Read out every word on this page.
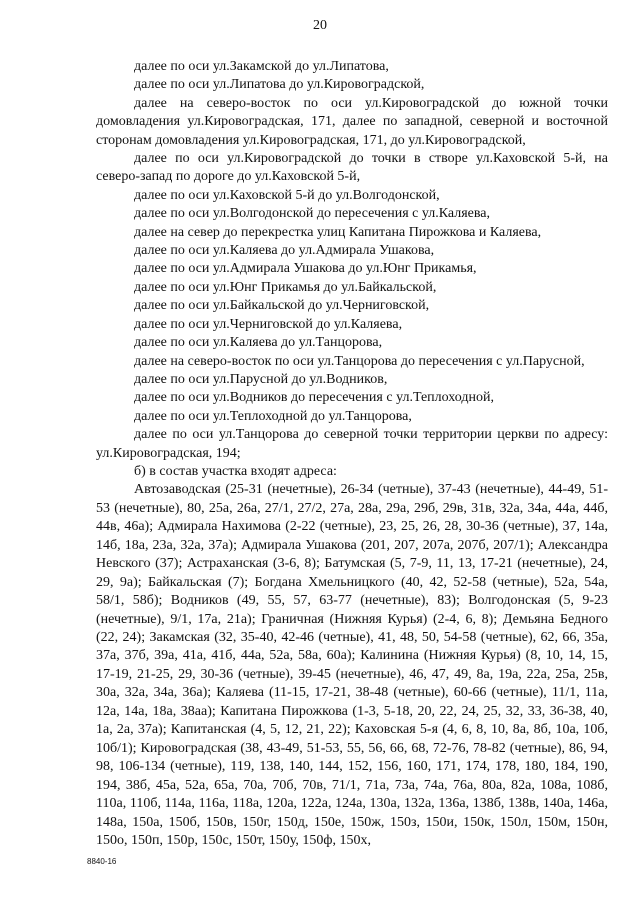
20

далее по оси ул.Закамской до ул.Липатова,

далее по оси ул.Липатова до ул.Кировоградской,

далее на северо-восток по оси ул.Кировоградской до южной точки домовладения ул.Кировоградская, 171, далее по западной, северной и восточной сторонам домовладения ул.Кировоградская, 171, до ул.Кировоградской,

далее по оси ул.Кировоградской до точки в створе ул.Каховской 5-й, на северо-запад по дороге до ул.Каховской 5-й,

далее по оси ул.Каховской 5-й до ул.Волгодонской,

далее по оси ул.Волгодонской до пересечения с ул.Каляева,

далее на север до перекрестка улиц Капитана Пирожкова и Каляева,

далее по оси ул.Каляева до ул.Адмирала Ушакова,

далее по оси ул.Адмирала Ушакова до ул.Юнг Прикамья,

далее по оси ул.Юнг Прикамья до ул.Байкальской,

далее по оси ул.Байкальской до ул.Черниговской,

далее по оси ул.Черниговской до ул.Каляева,

далее по оси ул.Каляева до ул.Танцорова,

далее на северо-восток по оси ул.Танцорова до пересечения с ул.Парусной,

далее по оси ул.Парусной до ул.Водников,

далее по оси ул.Водников до пересечения с ул.Теплоходной,

далее по оси ул.Теплоходной до ул.Танцорова,

далее по оси ул.Танцорова до северной точки территории церкви по адресу: ул.Кировоградская, 194;

б) в состав участка входят адреса:

Автозаводская (25-31 (нечетные), 26-34 (четные), 37-43 (нечетные), 44-49, 51-53 (нечетные), 80, 25а, 26а, 27/1, 27/2, 27а, 28а, 29а, 29б, 29в, 31в, 32а, 34а, 44а, 44б, 44в, 46а); Адмирала Нахимова (2-22 (четные), 23, 25, 26, 28, 30-36 (четные), 37, 14а, 14б, 18а, 23а, 32а, 37а); Адмирала Ушакова (201, 207, 207а, 207б, 207/1); Александра Невского (37); Астраханская (3-6, 8); Батумская (5, 7-9, 11, 13, 17-21 (нечетные), 24, 29, 9а); Байкальская (7); Богдана Хмельницкого (40, 42, 52-58 (четные), 52а, 54а, 58/1, 58б); Водников (49, 55, 57, 63-77 (нечетные), 83); Волгодонская (5, 9-23 (нечетные), 9/1, 17а, 21а); Граничная (Нижняя Курья) (2-4, 6, 8); Демьяна Бедного (22, 24); Закамская (32, 35-40, 42-46 (четные), 41, 48, 50, 54-58 (четные), 62, 66, 35а, 37а, 37б, 39а, 41а, 41б, 44а, 52а, 58а, 60а); Калинина (Нижняя Курья) (8, 10, 14, 15, 17-19, 21-25, 29, 30-36 (четные), 39-45 (нечетные), 46, 47, 49, 8а, 19а, 22а, 25а, 25в, 30а, 32а, 34а, 36а); Каляева (11-15, 17-21, 38-48 (четные), 60-66 (четные), 11/1, 11а, 12а, 14а, 18а, 38аа); Капитана Пирожкова (1-3, 5-18, 20, 22, 24, 25, 32, 33, 36-38, 40, 1а, 2а, 37а); Капитанская (4, 5, 12, 21, 22); Каховская 5-я (4, 6, 8, 10, 8а, 8б, 10а, 10б, 10б/1); Кировоградская (38, 43-49, 51-53, 55, 56, 66, 68, 72-76, 78-82 (четные), 86, 94, 98, 106-134 (четные), 119, 138, 140, 144, 152, 156, 160, 171, 174, 178, 180, 184, 190, 194, 38б, 45а, 52а, 65а, 70а, 70б, 70в, 71/1, 71а, 73а, 74а, 76а, 80а, 82а, 108а, 108б, 110а, 110б, 114а, 116а, 118а, 120а, 122а, 124а, 130а, 132а, 136а, 138б, 138в, 140а, 146а, 148а, 150а, 150б, 150в, 150г, 150д, 150е, 150ж, 150з, 150и, 150к, 150л, 150м, 150н, 150о, 150п, 150р, 150с, 150т, 150у, 150ф, 150х,

8840-16
